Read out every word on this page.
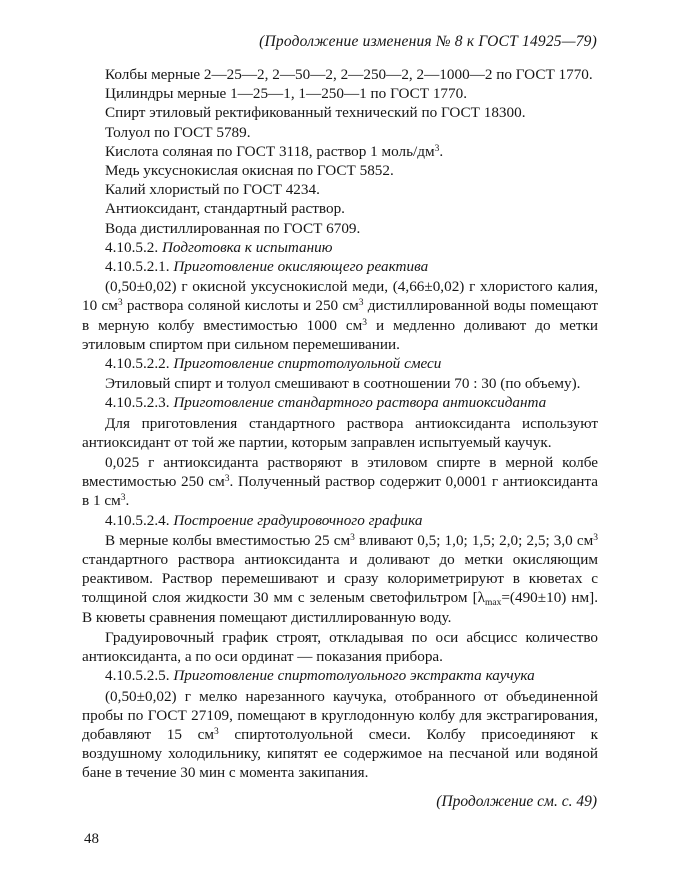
(Продолжение изменения № 8 к ГОСТ 14925—79)
Колбы мерные 2—25—2, 2—50—2, 2—250—2, 2—1000—2 по ГОСТ 1770.
Цилиндры мерные 1—25—1, 1—250—1 по ГОСТ 1770.
Спирт этиловый ректификованный технический по ГОСТ 18300.
Толуол по ГОСТ 5789.
Кислота соляная по ГОСТ 3118, раствор 1 моль/$дм^3$.
Медь уксуснокислая окисная по ГОСТ 5852.
Калий хлористый по ГОСТ 4234.
Антиоксидант, стандартный раствор.
Вода дистиллированная по ГОСТ 6709.
4.10.5.2. Подготовка к испытанию
4.10.5.2.1. Приготовление окисляющего реактива

(0,50±0,02) г окисной уксуснокислой меди, (4,66±0,02) г хлористого калия, 10 $см^3$ раствора соляной кислоты и 250 $см^3$ дистиллированной воды помещают в мерную колбу вместимостью 1000 $см^3$ и медленно доливают до метки этиловым спиртом при сильном перемешивании.

4.10.5.2.2. Приготовление спиртотолуольной смеси

Этиловый спирт и толуол смешивают в соотношении 70 : 30 (по объему).

4.10.5.2.3. Приготовление стандартного раствора антиоксиданта

Для приготовления стандартного раствора антиоксиданта используют антиоксидант от той же партии, которым заправлен испытуемый каучук.

0,025 г антиоксиданта растворяют в этиловом спирте в мерной колбе вместимостью 250 $см^3$. Полученный раствор содержит 0,0001 г антиоксиданта в 1 $см^3$.

4.10.5.2.4. Построение градуировочного графика

В мерные колбы вместимостью 25 $см^3$ вливают 0,5; 1,0; 1,5; 2,0; 2,5; 3,0 $см^3$ стандартного раствора антиоксиданта и доливают до метки окисляющим реактивом. Раствор перемешивают и сразу колориметрируют в кюветах с толщиной слоя жидкости 30 мм с зеленым светофильтром [$\lambda_{max}=(490\pm 10)$ нм]. В кюветы сравнения помещают дистиллированную воду.

Градуировочный график строят, откладывая по оси абсцисс количество антиоксиданта, а по оси ординат — показания прибора.

4.10.5.2.5. Приготовление спиртотолуольного экстракта каучука

(0,50±0,02) г мелко нарезанного каучука, отобранного от объединенной пробы по ГОСТ 27109, помещают в круглодонную колбу для экстрагирования, добавляют 15 $см^3$ спиртотолуольной смеси. Колбу присоединяют к воздушному холодильнику, кипятят ее содержимое на песчаной или водяной бане в течение 30 мин с момента закипания.

(Продолжение см. с. 49)
48
